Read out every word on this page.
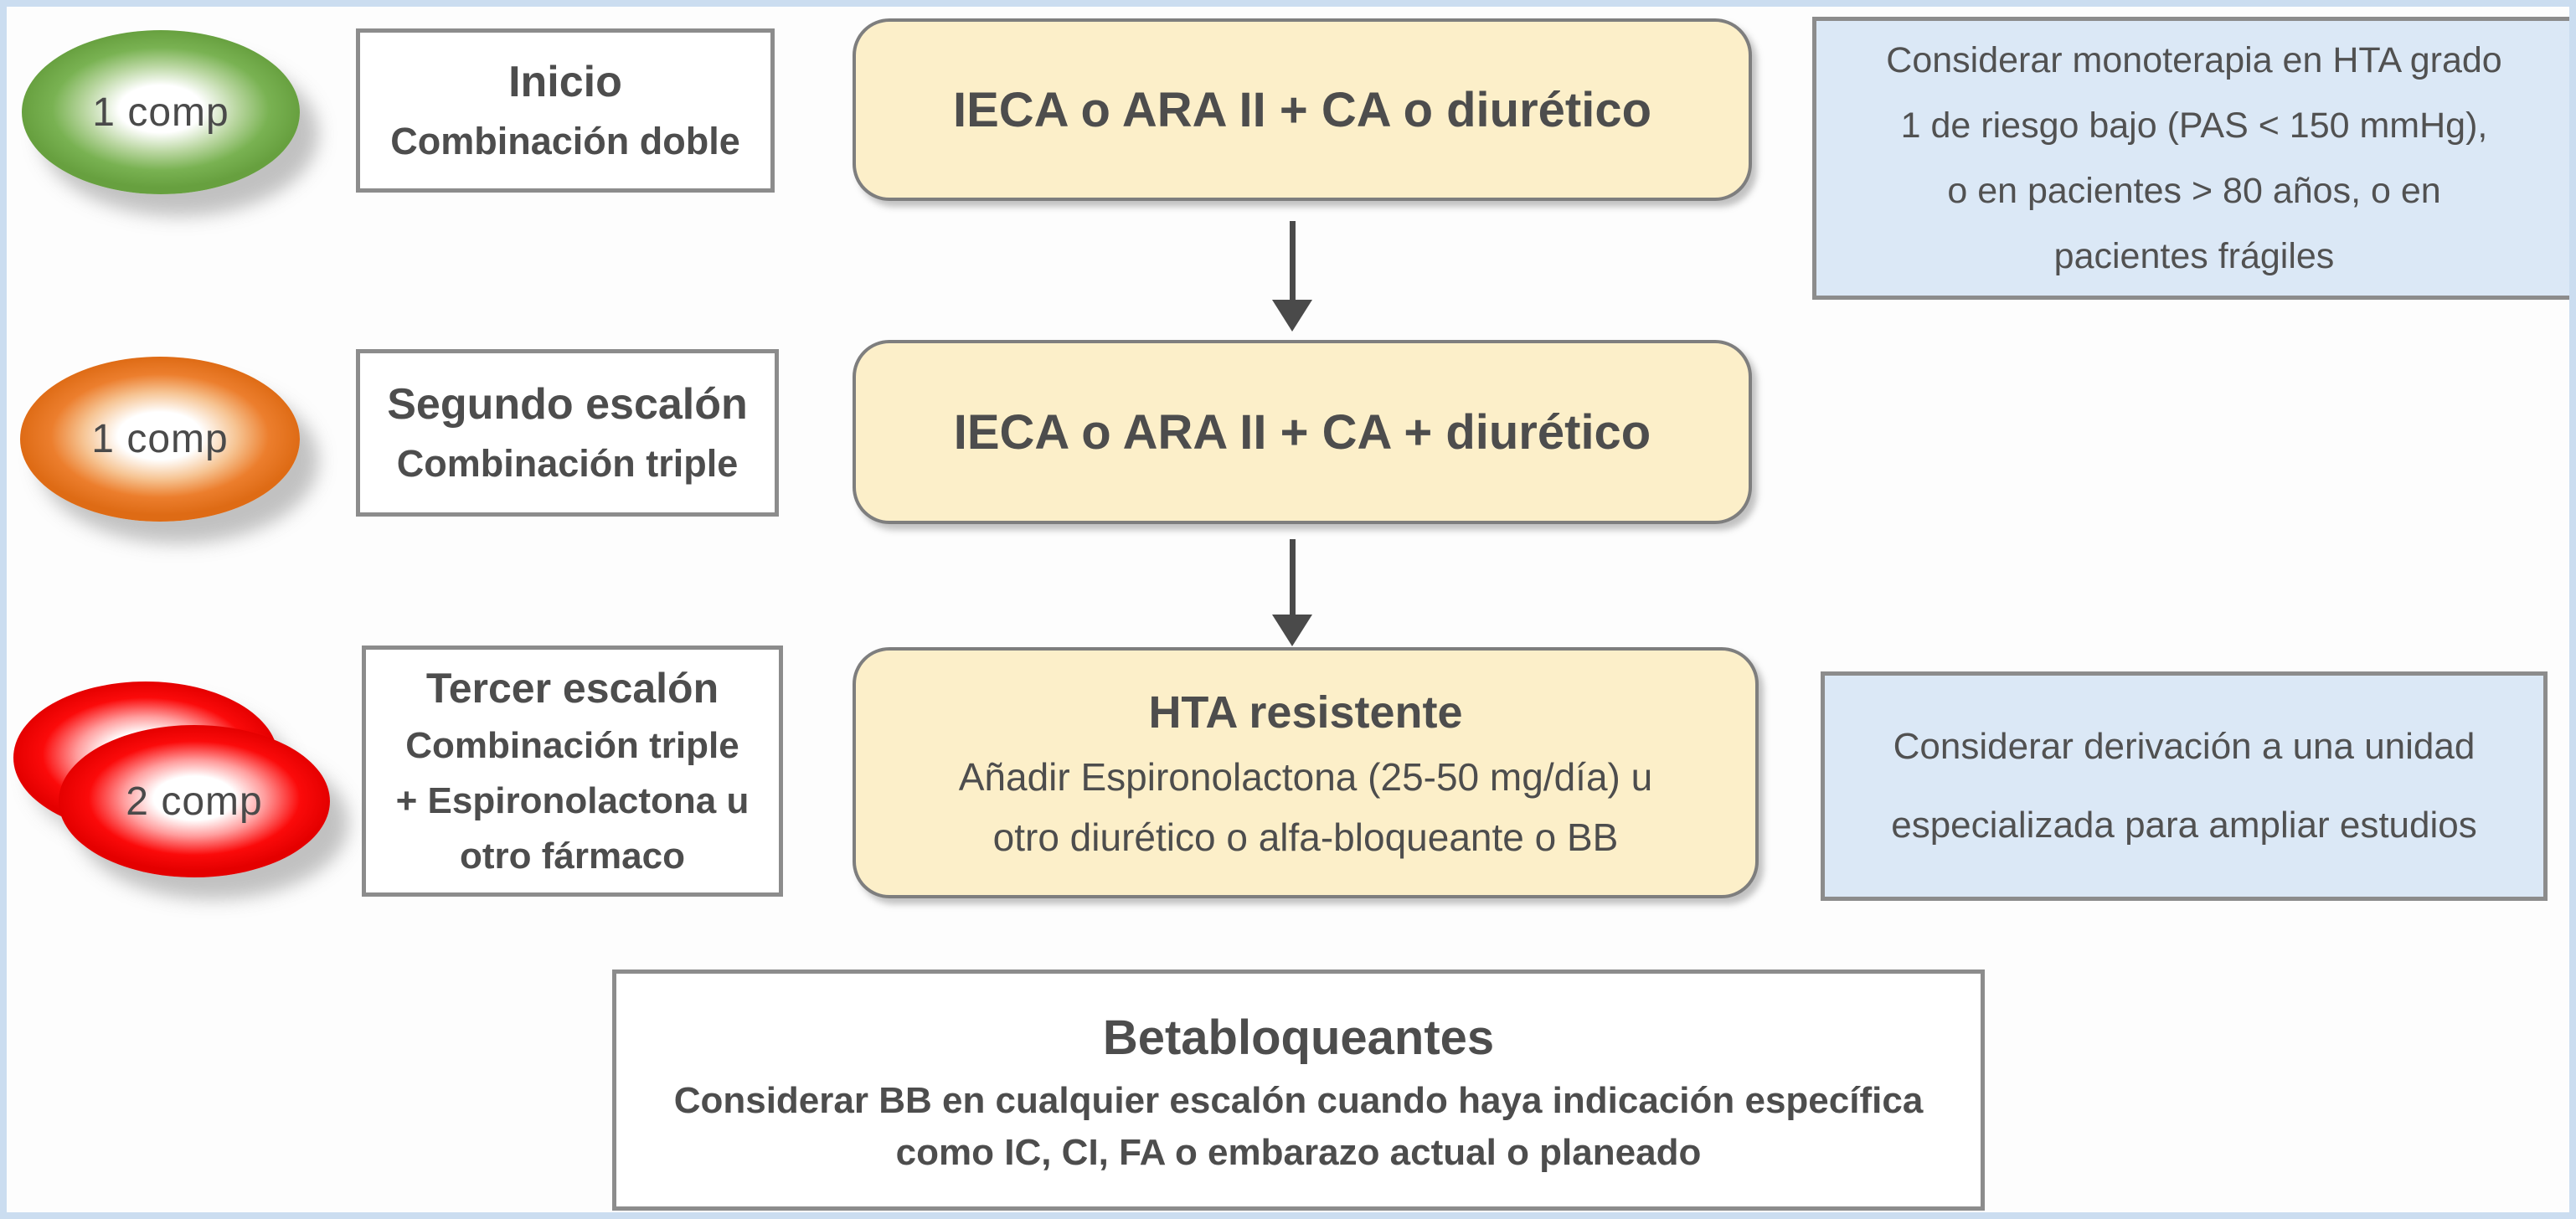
1 comp
Inicio
Combinación doble
IECA o ARA II + CA o diurético
Considerar monoterapia en HTA grado
1 de riesgo bajo (PAS < 150 mmHg),
o en pacientes > 80 años, o en
pacientes frágiles
1 comp
Segundo escalón
Combinación triple
IECA o ARA II + CA + diurético
2 comp
Tercer escalón
Combinación triple
+ Espironolactona u
otro fármaco
HTA resistente
Añadir Espironolactona (25-50 mg/día) u
otro diurético o alfa-bloqueante o BB
Considerar derivación a una unidad
especializada para ampliar estudios
Betabloqueantes
Considerar BB en cualquier escalón cuando haya indicación específica
como IC, CI, FA o embarazo actual o planeado
